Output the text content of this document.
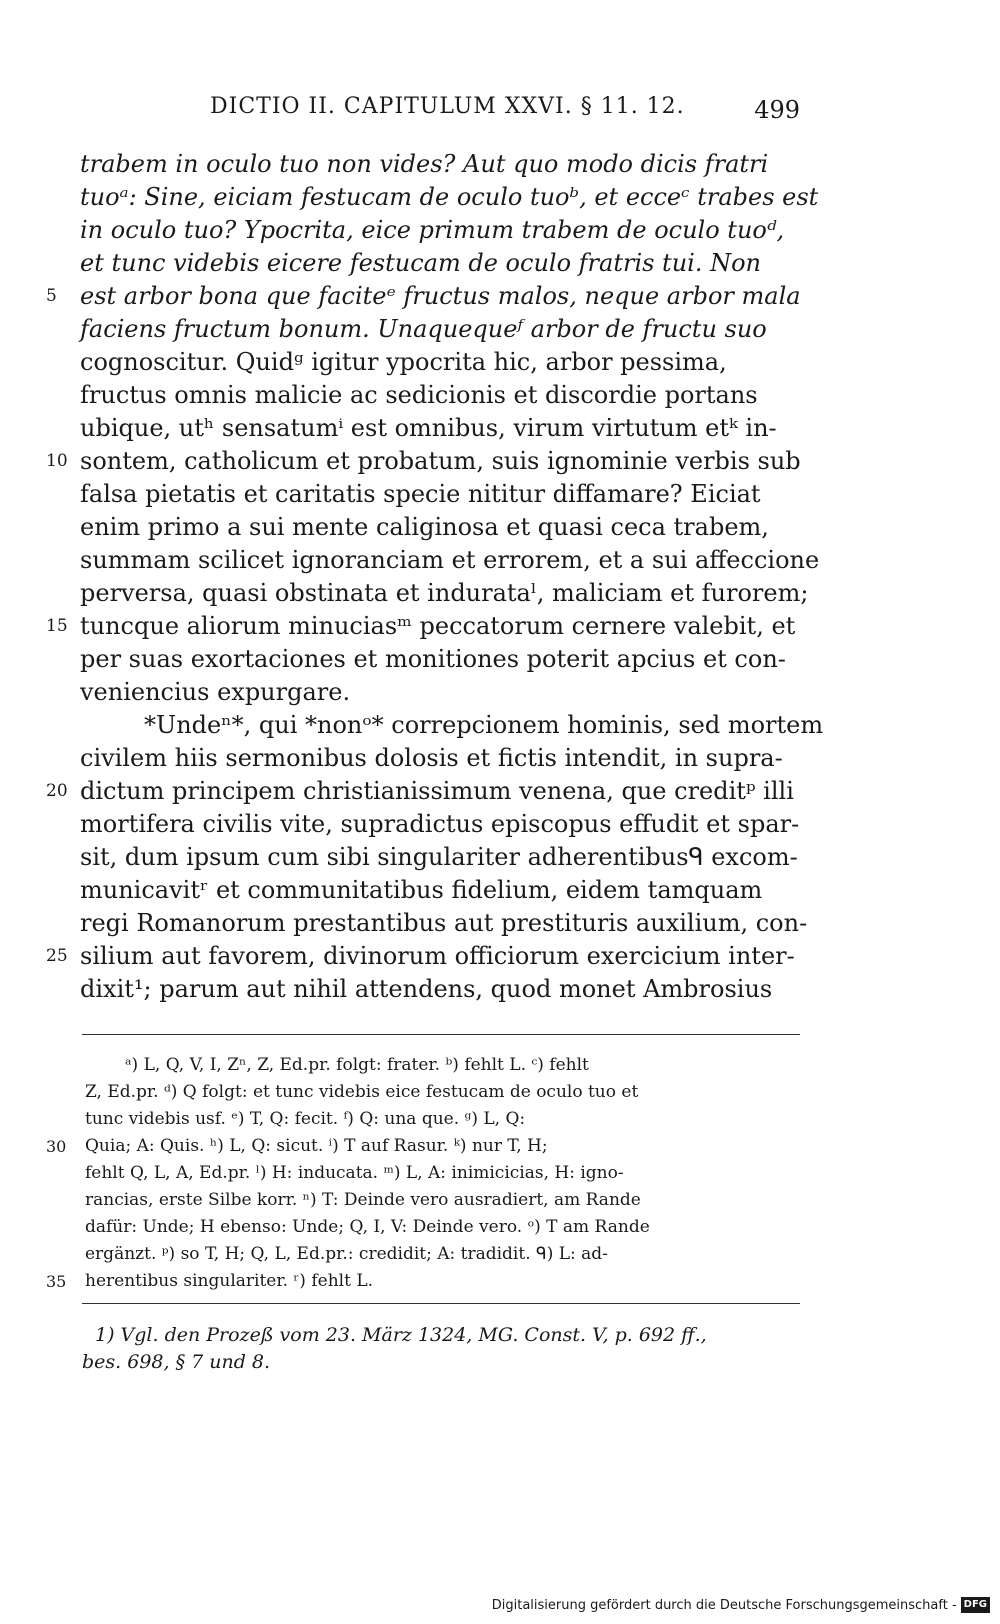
DICTIO II. CAPITULUM XXVI. § 11. 12.	499
trabem in oculo tuo non vides? Aut quo modo dicis fratri
tuoᵃ: Sine, eiciam festucam de oculo tuoᵇ, et ecceᶜ trabes est
in oculo tuo? Ypocrita, eice primum trabem de oculo tuoᵈ,
et tunc videbis eicere festucam de oculo fratris tui. Non
5 est arbor bona que faciteᵉ fructus malos, neque arbor mala
faciens fructum bonum. Unaquequeᶠ arbor de fructu suo
cognoscitur. Quidᵍ igitur ypocrita hic, arbor pessima,
fructus omnis malicie ac sedicionis et discordie portans
ubique, utʰ sensatumⁱ est omnibus, virum virtutum etᵏ in-
10 sontem, catholicum et probatum, suis ignominie verbis sub
falsa pietatis et caritatis specie nititur diffamare? Eiciat
enim primo a sui mente caliginosa et quasi ceca trabem,
summam scilicet ignoranciam et errorem, et a sui affeccione
perversa, quasi obstinata et indurataˡ, maliciam et furorem;
15 tuncque aliorum minuciasᵐ peccatorum cernere valebit, et
per suas exortaciones et monitiones poterit apcius et con-
veniencius expurgare.
*Undeⁿ*, qui *nonᵒ* correpcionem hominis, sed mortem
civilem hiis sermonibus dolosis et fictis intendit, in supra-
20 dictum principem christianissimum venena, que creditᵖ illi
mortifera civilis vite, supradictus episcopus effudit et spar-
sit, dum ipsum cum sibi singulariter adherentibusᑫ excom-
municavitʳ et communitatibus fidelium, eidem tamquam
regi Romanorum prestantibus aut prestituris auxilium, con-
25 silium aut favorem, divinorum officiorum exercicium inter-
dixit¹; parum aut nihil attendens, quod monet Ambrosius
ᵃ) L, Q, V, I, Zⁿ, Z, Ed.pr. folgt: frater. ᵇ) fehlt L. ᶜ) fehlt
Z, Ed.pr. ᵈ) Q folgt: et tunc videbis eice festucam de oculo tuo et
tunc videbis usf. ᵉ) T, Q: fecit. ᶠ) Q: una que. ᵍ) L, Q:
30 Quia; A: Quis. ʰ) L, Q: sicut. ⁱ) T auf Rasur. ᵏ) nur T, H;
fehlt Q, L, A, Ed.pr. ˡ) H: inducata. ᵐ) L, A: inimicicias, H: igno-
rancias, erste Silbe korr. ⁿ) T: Deinde vero ausradiert, am Rande
dafür: Unde; H ebenso: Unde; Q, I, V: Deinde vero. ᵒ) T am Rande
ergänzt. ᵖ) so T, H; Q, L, Ed.pr.: credidit; A: tradidit. ᑫ) L: ad-
35 herentibus singulariter. ʳ) fehlt L.
1) Vgl. den Prozeß vom 23. März 1324, MG. Const. V, p. 692 ff.,
bes. 698, § 7 und 8.
Digitalisierung gefördert durch die Deutsche Forschungsgemeinschaft - DFG
